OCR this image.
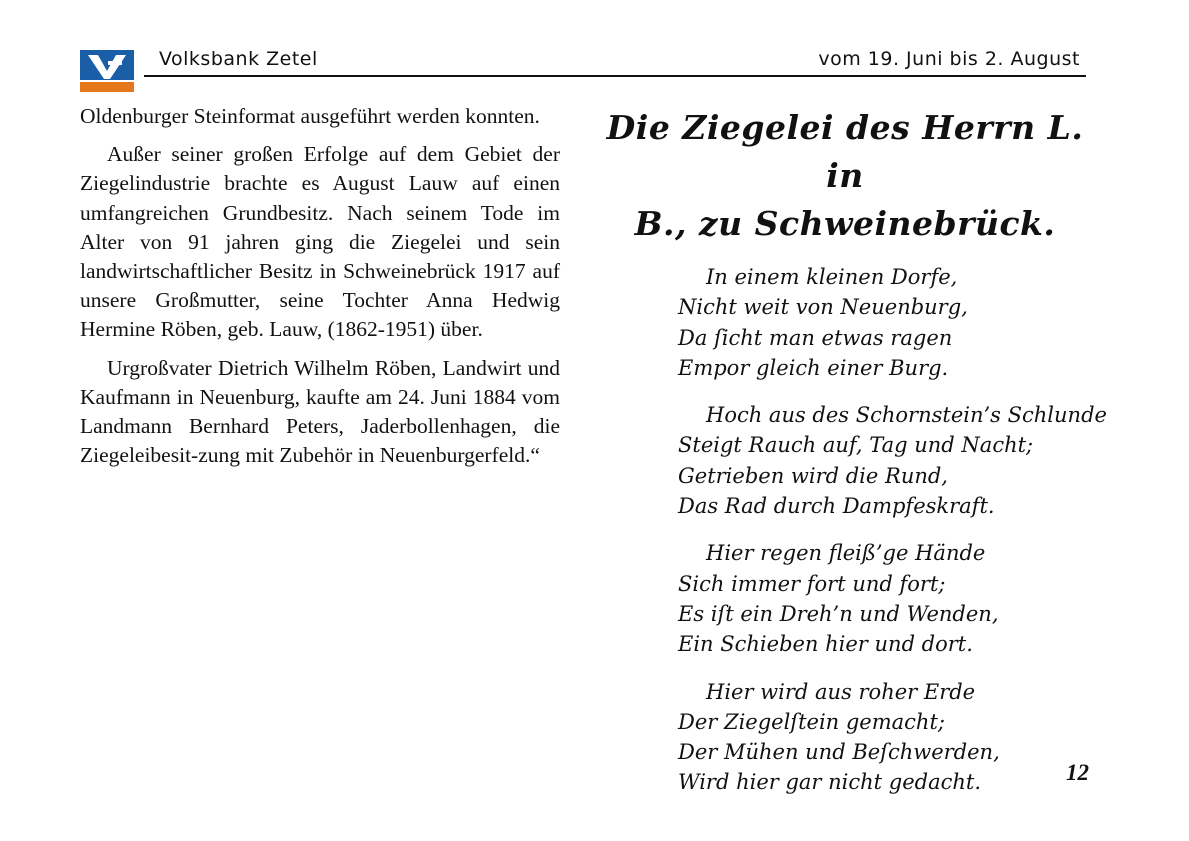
Volksbank Zetel	vom 19. Juni bis 2. August

Oldenburger Steinformat ausgeführt werden konnten.

Außer seiner großen Erfolge auf dem Gebiet der Ziegelindustrie brachte es August Lauw auf einen umfangreichen Grundbesitz. Nach seinem Tode im Alter von 91 jahren ging die Ziegelei und sein landwirtschaftlicher Besitz in Schweinebrück 1917 auf unsere Großmutter, seine Tochter Anna Hedwig Hermine Röben, geb. Lauw, (1862-1951) über.

Urgroßvater Dietrich Wilhelm Röben, Landwirt und Kaufmann in Neuenburg, kaufte am 24. Juni 1884 vom Landmann Bernhard Peters, Jaderbollenhagen, die Ziegeleibesit-zung mit Zubehör in Neuenburgerfeld.“

Die Ziegelei des Herrn L. in
B., zu Schweinebrück.
In einem kleinen Dorfe,
Nicht weit von Neuenburg,
Da ſicht man etwas ragen
Empor gleich einer Burg.
Hoch aus des Schornstein’s Schlunde
Steigt Rauch auf, Tag und Nacht;
Getrieben wird die Rund,
Das Rad durch Dampfeskraft.
Hier regen fleiß’ge Hände
Sich immer fort und fort;
Es iſt ein Dreh’n und Wenden,
Ein Schieben hier und dort.
Hier wird aus roher Erde
Der Ziegelſtein gemacht;
Der Mühen und Beſchwerden,
Wird hier gar nicht gedacht.	12
